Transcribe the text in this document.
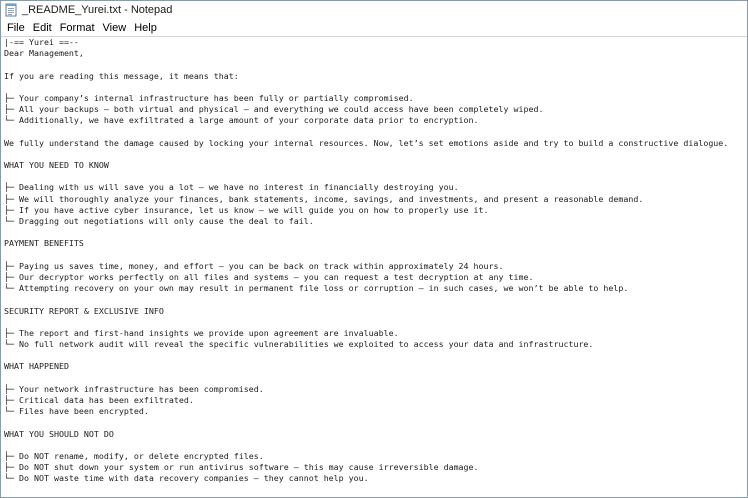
_README_Yurei.txt - Notepad
File Edit Format View Help
|-== Yurei ==--
Dear Management,

If you are reading this message, it means that:

├─ Your company’s internal infrastructure has been fully or partially compromised.
├─ All your backups — both virtual and physical — and everything we could access have been completely wiped.
└─ Additionally, we have exfiltrated a large amount of your corporate data prior to encryption.

We fully understand the damage caused by locking your internal resources. Now, let’s set emotions aside and try to build a constructive dialogue.

WHAT YOU NEED TO KNOW

├─ Dealing with us will save you a lot — we have no interest in financially destroying you.
├─ We will thoroughly analyze your finances, bank statements, income, savings, and investments, and present a reasonable demand.
├─ If you have active cyber insurance, let us know — we will guide you on how to properly use it.
└─ Dragging out negotiations will only cause the deal to fail.

PAYMENT BENEFITS

├─ Paying us saves time, money, and effort — you can be back on track within approximately 24 hours.
├─ Our decryptor works perfectly on all files and systems — you can request a test decryption at any time.
└─ Attempting recovery on your own may result in permanent file loss or corruption — in such cases, we won’t be able to help.

SECURITY REPORT & EXCLUSIVE INFO

├─ The report and first-hand insights we provide upon agreement are invaluable.
└─ No full network audit will reveal the specific vulnerabilities we exploited to access your data and infrastructure.

WHAT HAPPENED

├─ Your network infrastructure has been compromised.
├─ Critical data has been exfiltrated.
└─ Files have been encrypted.

WHAT YOU SHOULD NOT DO

├─ Do NOT rename, modify, or delete encrypted files.
├─ Do NOT shut down your system or run antivirus software — this may cause irreversible damage.
└─ Do NOT waste time with data recovery companies — they cannot help you.
